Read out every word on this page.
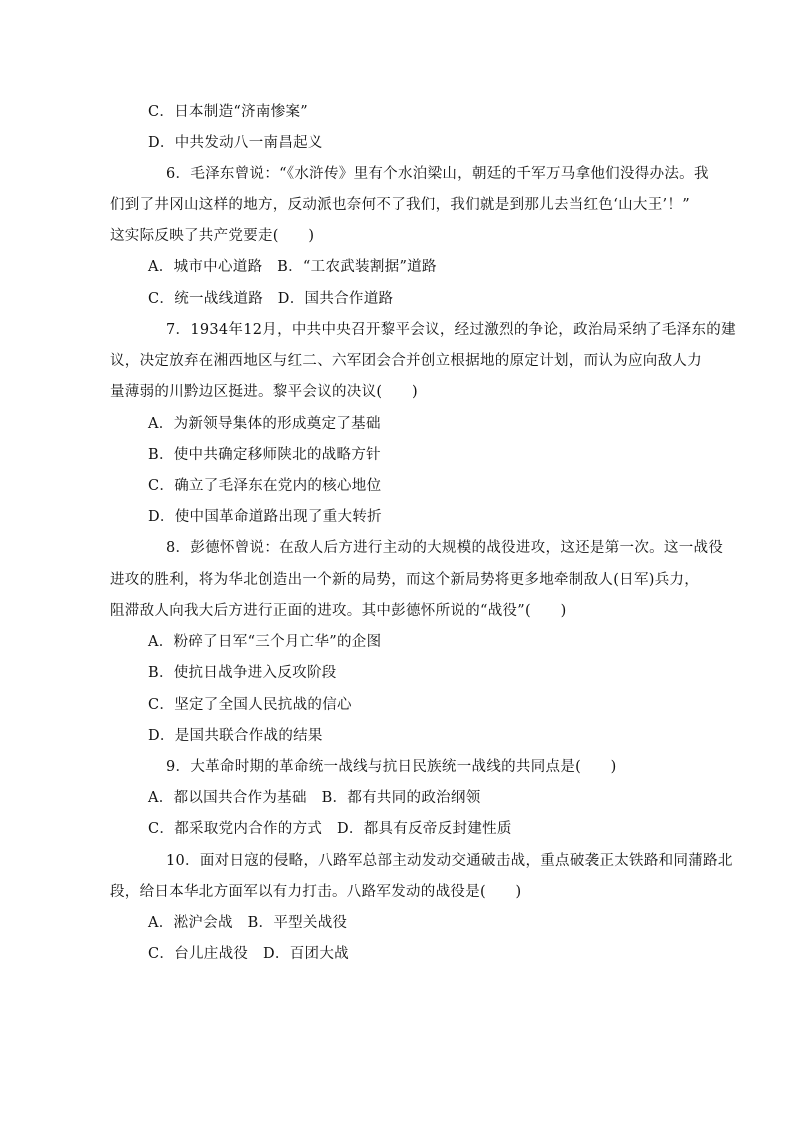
C．日本制造“济南惨案”
D．中共发动八一南昌起义
6．毛泽东曾说：“《水浒传》里有个水泊梁山，朝廷的千军万马拿他们没得办法。我
们到了井冈山这样的地方，反动派也奈何不了我们，我们就是到那儿去当红色‘山大王’！”
这实际反映了共产党要走(　　)
A．城市中心道路　B．“工农武装割据”道路
C．统一战线道路　D．国共合作道路
7．1934年12月，中共中央召开黎平会议，经过激烈的争论，政治局采纳了毛泽东的建
议，决定放弃在湘西地区与红二、六军团会合并创立根据地的原定计划，而认为应向敌人力
量薄弱的川黔边区挺进。黎平会议的决议(　　)
A．为新领导集体的形成奠定了基础
B．使中共确定移师陕北的战略方针
C．确立了毛泽东在党内的核心地位
D．使中国革命道路出现了重大转折
8．彭德怀曾说：在敌人后方进行主动的大规模的战役进攻，这还是第一次。这一战役
进攻的胜利，将为华北创造出一个新的局势，而这个新局势将更多地牵制敌人(日军)兵力，
阻滞敌人向我大后方进行正面的进攻。其中彭德怀所说的“战役”(　　)
A．粉碎了日军“三个月亡华”的企图
B．使抗日战争进入反攻阶段
C．坚定了全国人民抗战的信心
D．是国共联合作战的结果
9．大革命时期的革命统一战线与抗日民族统一战线的共同点是(　　)
A．都以国共合作为基础　B．都有共同的政治纲领
C．都采取党内合作的方式　D．都具有反帝反封建性质
10．面对日寇的侵略，八路军总部主动发动交通破击战，重点破袭正太铁路和同蒲路北
段，给日本华北方面军以有力打击。八路军发动的战役是(　　)
A．淞沪会战　B．平型关战役
C．台儿庄战役　D．百团大战
